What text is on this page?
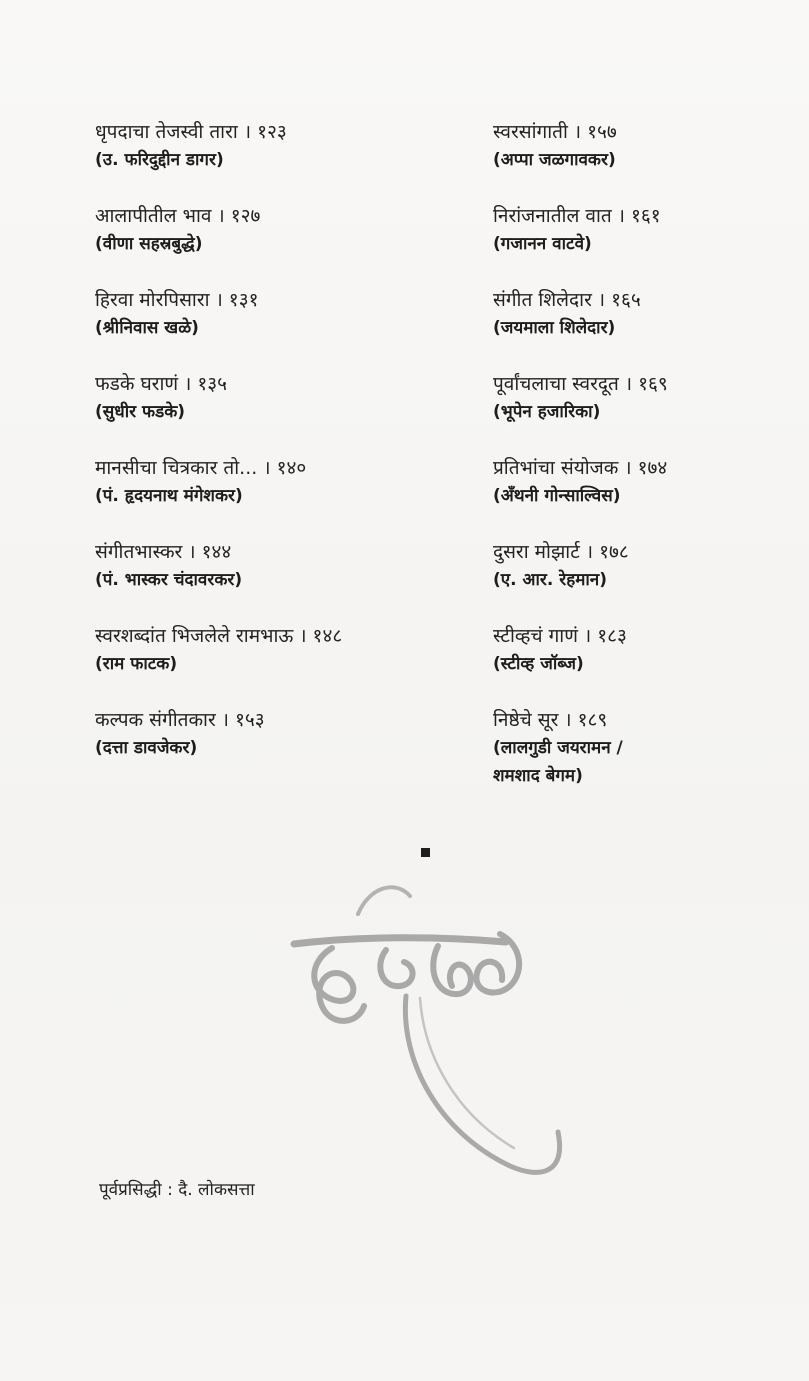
धृपदाचा तेजस्वी तारा । १२३
(उ. फरिदुद्दीन डागर)
आलापीतील भाव । १२७
(वीणा सहस्रबुद्धे)
हिरवा मोरपिसारा । १३१
(श्रीनिवास खळे)
फडके घराणं । १३५
(सुधीर फडके)
मानसीचा चित्रकार तो... । १४०
(पं. हृदयनाथ मंगेशकर)
संगीतभास्कर । १४४
(पं. भास्कर चंदावरकर)
स्वरशब्दांत भिजलेले रामभाऊ । १४८
(राम फाटक)
कल्पक संगीतकार । १५३
(दत्ता डावजेकर)
स्वरसांगाती । १५७
(अप्पा जळगावकर)
निरांजनातील वात । १६१
(गजानन वाटवे)
संगीत शिलेदार । १६५
(जयमाला शिलेदार)
पूर्वांचलाचा स्वरदूत । १६९
(भूपेन हजारिका)
प्रतिभांचा संयोजक । १७४
(अँथनी गोन्साल्विस)
दुसरा मोझार्ट । १७८
(ए. आर. रेहमान)
स्टीव्हचं गाणं । १८३
(स्टीव्ह जॉब्ज)
निष्ठेचे सूर । १८९
(लालगुडी जयरामन /
शमशाद बेगम)
पूर्वप्रसिद्धी : दै. लोकसत्ता
